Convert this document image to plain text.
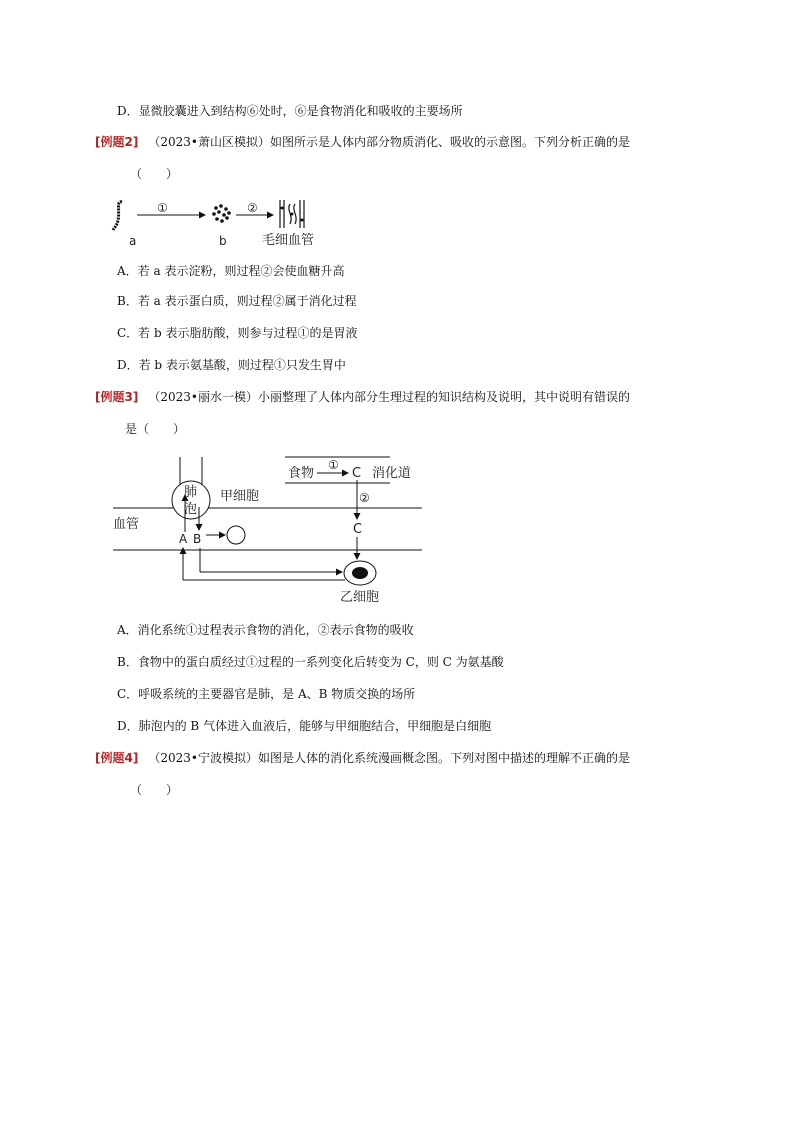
D．显微胶囊进入到结构⑥处时，⑥是食物消化和吸收的主要场所
[例题2] （2023•萧山区模拟）如图所示是人体内部分物质消化、吸收的示意图。下列分析正确的是
（　　）
a
①
b
②
毛细血管
A．若 a 表示淀粉，则过程②会使血糖升高
B．若 a 表示蛋白质，则过程②属于消化过程
C．若 b 表示脂肪酸，则参与过程①的是胃液
D．若 b 表示氨基酸，则过程①只发生胃中
[例题3] （2023•丽水一模）小丽整理了人体内部分生理过程的知识结构及说明，其中说明有错误的
是（　　）
血管
肺
泡
甲细胞
A B
乙细胞
食物
①
C 消化道
②
C
A．消化系统①过程表示食物的消化，②表示食物的吸收
B．食物中的蛋白质经过①过程的一系列变化后转变为 C，则 C 为氨基酸
C．呼吸系统的主要器官是肺，是 A、B 物质交换的场所
D．肺泡内的 B 气体进入血液后，能够与甲细胞结合，甲细胞是白细胞
[例题4] （2023•宁波模拟）如图是人体的消化系统漫画概念图。下列对图中描述的理解不正确的是
（　　）
